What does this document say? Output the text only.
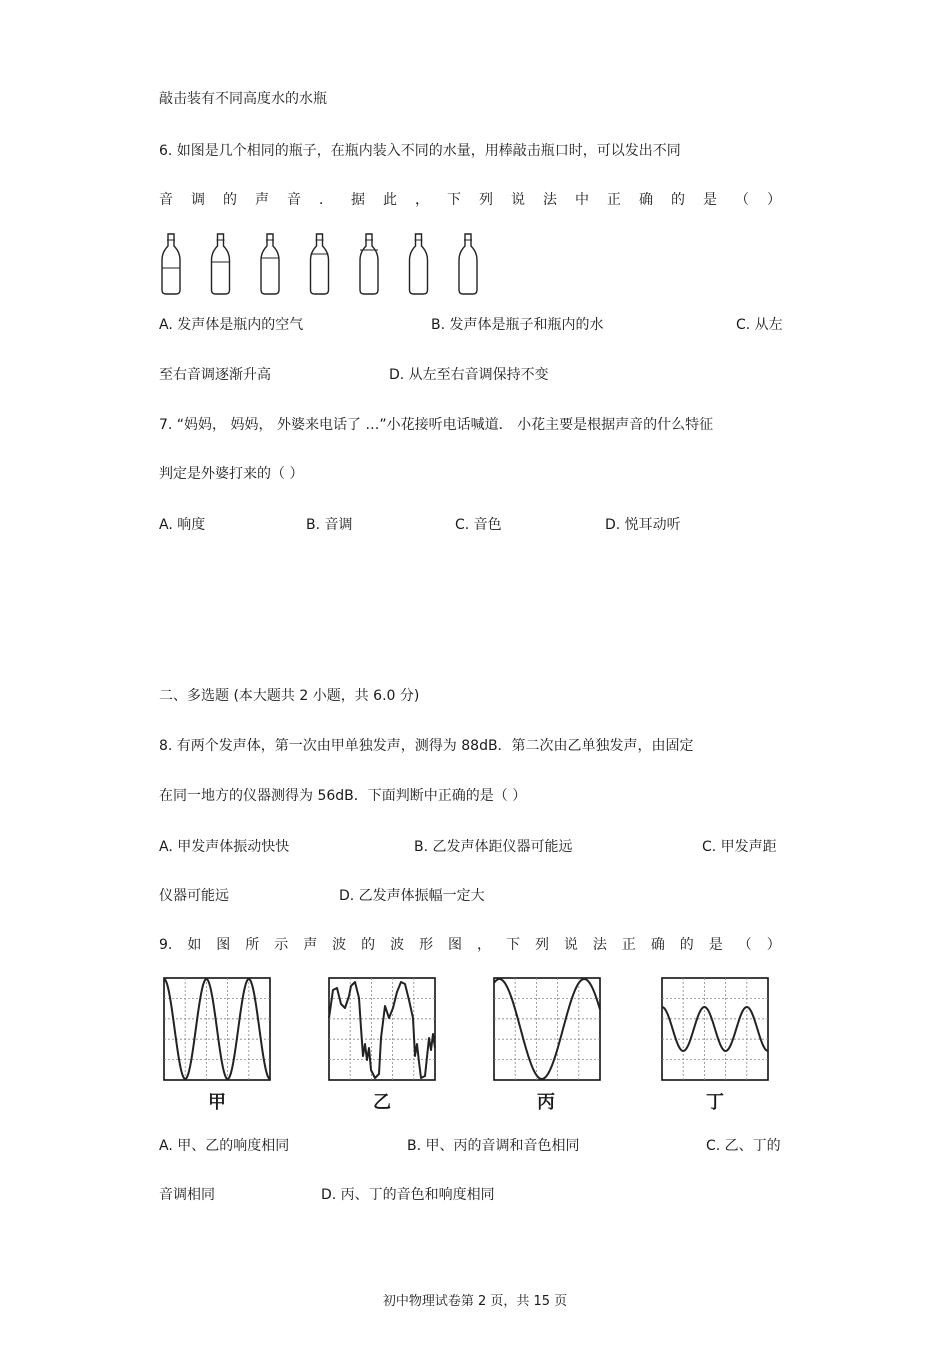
敲击装有不同高度水的水瓶
6. 如图是几个相同的瓶子，在瓶内装入不同的水量，用棒敲击瓶口时，可以发出不同
音 调 的 声 音 ． 据 此 ， 下 列 说 法 中 正 确 的 是 （ ）
A. 发声体是瓶内的空气	B. 发声体是瓶子和瓶内的水	C. 从左
至右音调逐渐升高	D. 从左至右音调保持不变
7. “妈妈， 妈妈， 外婆来电话了 …”小花接听电话喊道． 小花主要是根据声音的什么特征
判定是外婆打来的（ ）
A. 响度	B. 音调	C. 音色	D. 悦耳动听
二、多选题 (本大题共 2 小题，共 6.0 分)
8. 有两个发声体，第一次由甲单独发声，测得为 88dB．第二次由乙单独发声，由固定
在同一地方的仪器测得为 56dB．下面判断中正确的是（ ）
A. 甲发声体振动快快	B. 乙发声体距仪器可能远	C. 甲发声距
仪器可能远	D. 乙发声体振幅一定大
9. 如 图 所 示 声 波 的 波 形 图 ， 下 列 说 法 正 确 的 是 （ ）
甲	乙	丙	丁
A. 甲、乙的响度相同	B. 甲、丙的音调和音色相同	C. 乙、丁的
音调相同	D. 丙、丁的音色和响度相同
初中物理试卷第 2 页，共 15 页
